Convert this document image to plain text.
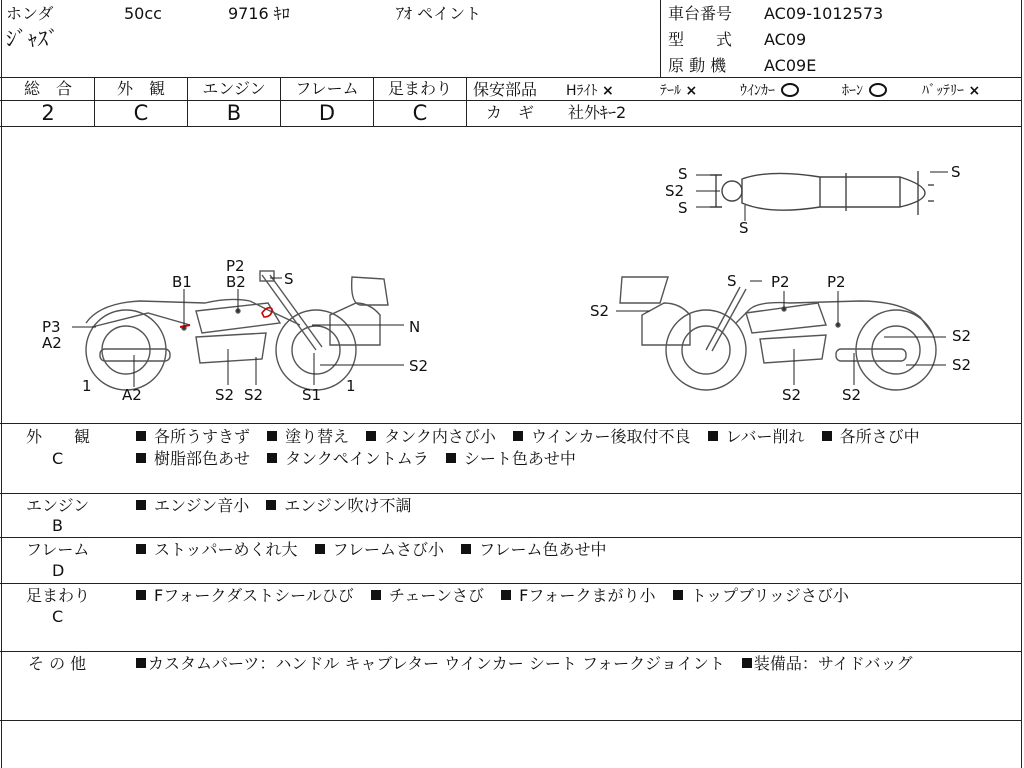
ホンダ	50cc	9716 ｷﾛ	ｱｵ ペイント
ｼﾞｬｽﾞ
車台番号 AC09-1012573
型　　式 AC09
原 動 機 AC09E
総　合	外　観	エンジン	フレーム	足まわり
2	C	B	D	C
保安部品 Hﾗｲﾄ ×	ﾃｰﾙ ×	ｳｲﾝｶｰ	ﾎｰﾝ	ﾊﾞｯﾃﾘｰ ×
カ　ギ 社外ｷｰ2
S
S2
S
S
S
P2
B2	S
B1
P3
A2
1 A2	S2 S2	S1 1
N
S2
S P2 P2
S2
S2
S2
S2	S2
外　　観
C
各所うすきず 塗り替え タンク内さび小 ウインカー後取付不良 レバー削れ 各所さび中
樹脂部色あせ タンクペイントムラ シート色あせ中
エンジン
B
エンジン音小 エンジン吹け不調
フレーム
D
ストッパーめくれ大 フレームさび小 フレーム色あせ中
足まわり
C
Fフォークダストシールひび チェーンさび Fフォークまがり小 トップブリッジさび小
そ の 他	カスタムパーツ：ハンドル キャブレター ウインカー シート フォークジョイント 装備品：サイドバッグ
